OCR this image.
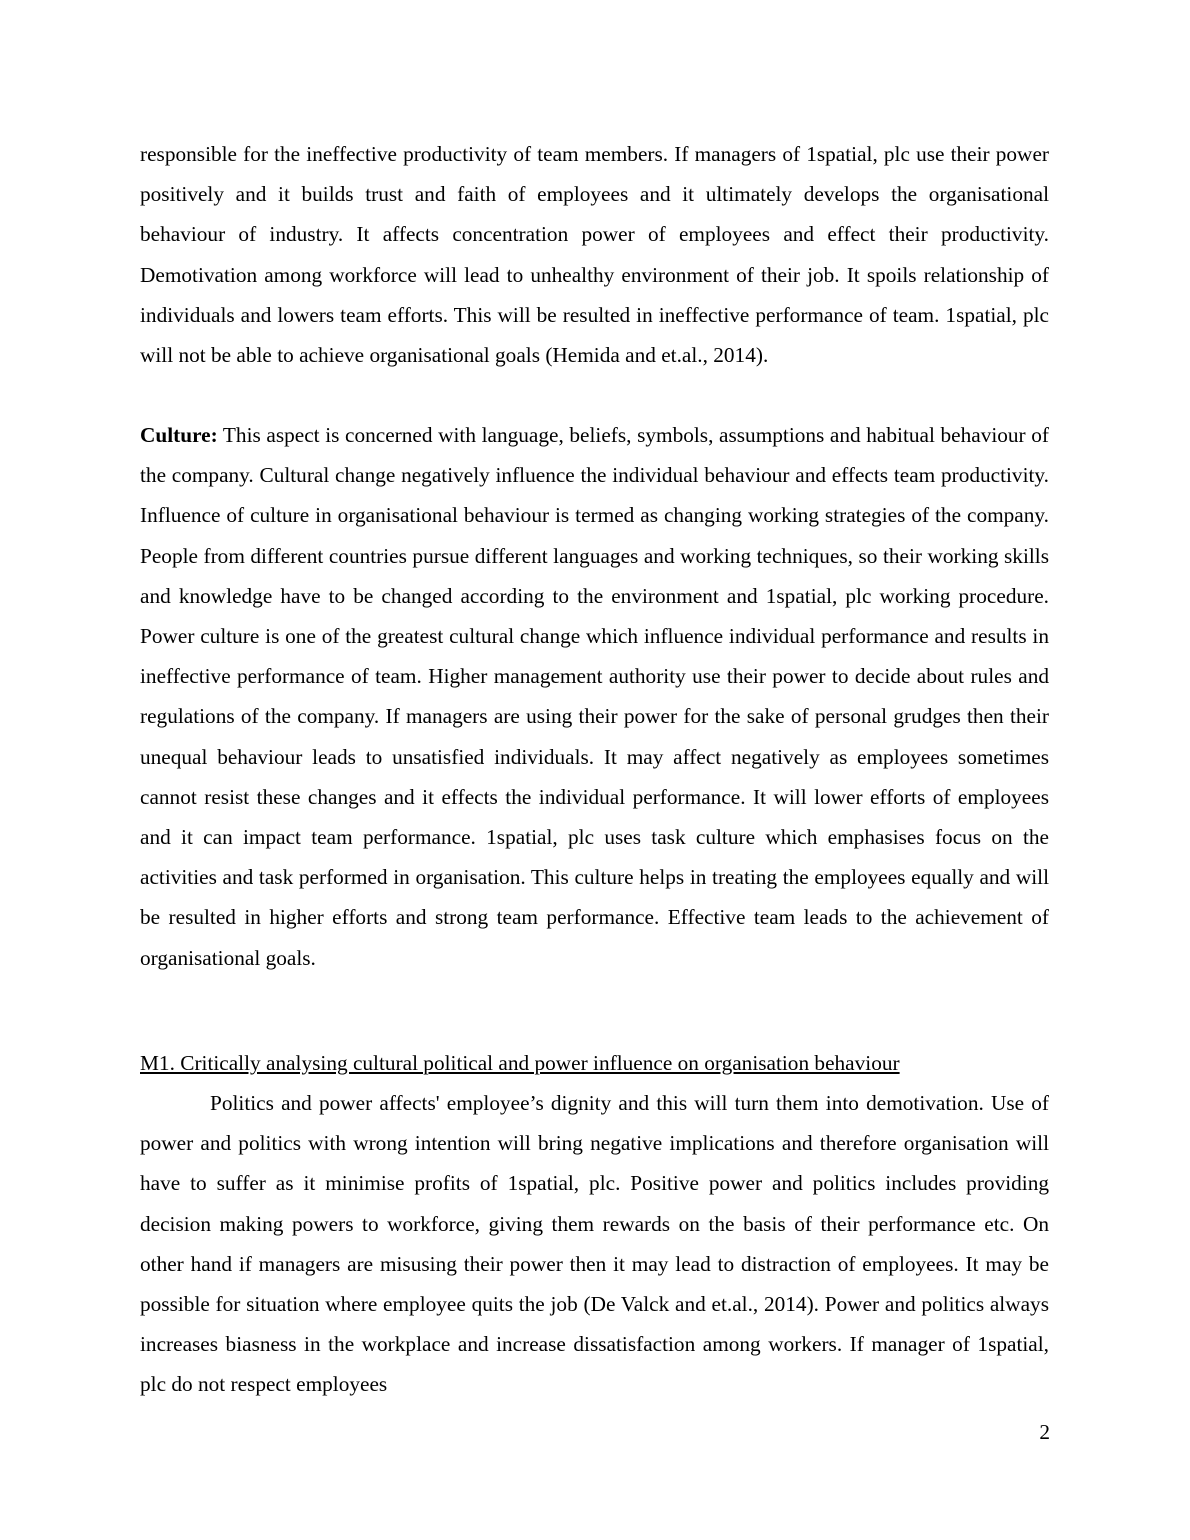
responsible for the ineffective productivity of team members. If managers of 1spatial, plc use their power positively and it builds trust and faith of employees and it ultimately develops the organisational behaviour of industry. It affects concentration power of employees and effect their productivity. Demotivation among workforce will lead to unhealthy environment of their job. It spoils relationship of individuals and lowers team efforts. This will be resulted in ineffective performance of team. 1spatial, plc will not be able to achieve organisational goals (Hemida and et.al., 2014).

Culture: This aspect is concerned with language, beliefs, symbols, assumptions and habitual behaviour of the company. Cultural change negatively influence the individual behaviour and effects team productivity. Influence of culture in organisational behaviour is termed as changing working strategies of the company. People from different countries pursue different languages and working techniques, so their working skills and knowledge have to be changed according to the environment and 1spatial, plc working procedure. Power culture is one of the greatest cultural change which influence individual performance and results in ineffective performance of team. Higher management authority use their power to decide about rules and regulations of the company. If managers are using their power for the sake of personal grudges then their unequal behaviour leads to unsatisfied individuals. It may affect negatively as employees sometimes cannot resist these changes and it effects the individual performance. It will lower efforts of employees and it can impact team performance. 1spatial, plc uses task culture which emphasises focus on the activities and task performed in organisation. This culture helps in treating the employees equally and will be resulted in higher efforts and strong team performance. Effective team leads to the achievement of organisational goals.

M1. Critically analysing cultural political and power influence on organisation behaviour

Politics and power affects' employee’s dignity and this will turn them into demotivation. Use of power and politics with wrong intention will bring negative implications and therefore organisation will have to suffer as it minimise profits of 1spatial, plc. Positive power and politics includes providing decision making powers to workforce, giving them rewards on the basis of their performance etc. On other hand if managers are misusing their power then it may lead to distraction of employees. It may be possible for situation where employee quits the job (De Valck and et.al., 2014). Power and politics always increases biasness in the workplace and increase dissatisfaction among workers. If manager of 1spatial, plc do not respect employees

2
